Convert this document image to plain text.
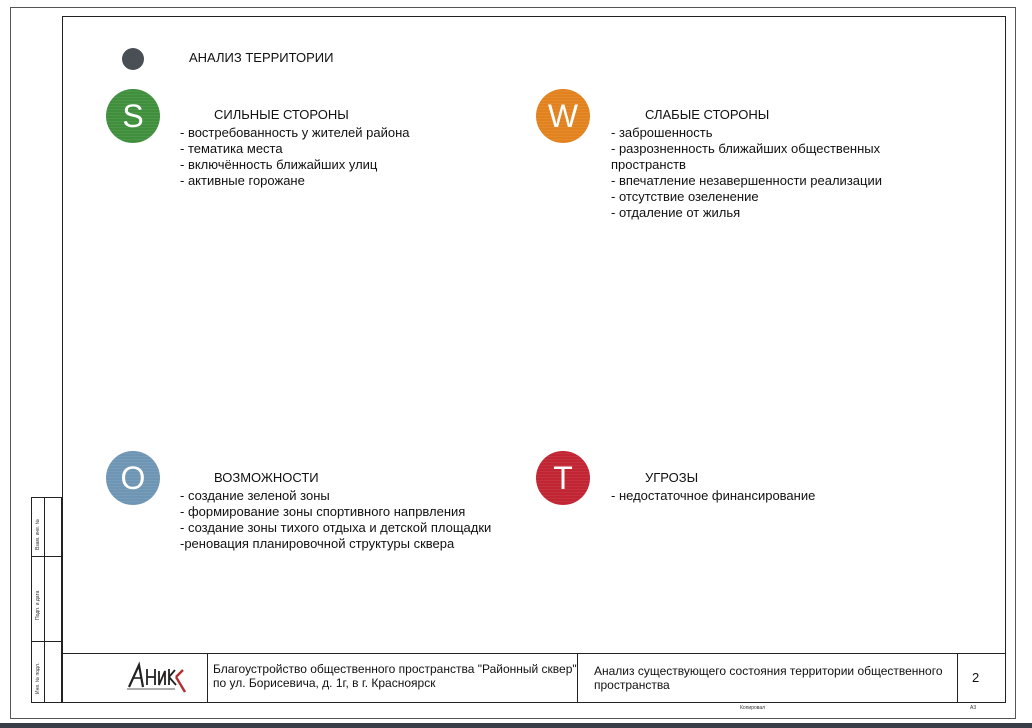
АНАЛИЗ ТЕРРИТОРИИ
S	СИЛЬНЫЕ СТОРОНЫ
- востребованность у жителей района
- тематика места
- включённость ближайших улиц
- активные горожане
W	СЛАБЫЕ СТОРОНЫ
- заброшенность
- разрозненность ближайших общественных
пространств
- впечатление незавершенности реализации
- отсутствие озеленение
- отдаление от жилья
O	ВОЗМОЖНОСТИ
- создание зеленой зоны
- формирование зоны спортивного напрвления
- создание зоны тихого отдыха и детской площадки
-реновация планировочной структуры сквера
T	УГРОЗЫ
- недостаточное финансирование
Благоустройство общественного пространства "Районный сквер"
по ул. Борисевича, д. 1г, в г. Красноярск
Анализ существующего состояния территории общественного
пространства	2
Взам. инв. №
Подп. и дата
Инв. № подл.
Копировал	А3
